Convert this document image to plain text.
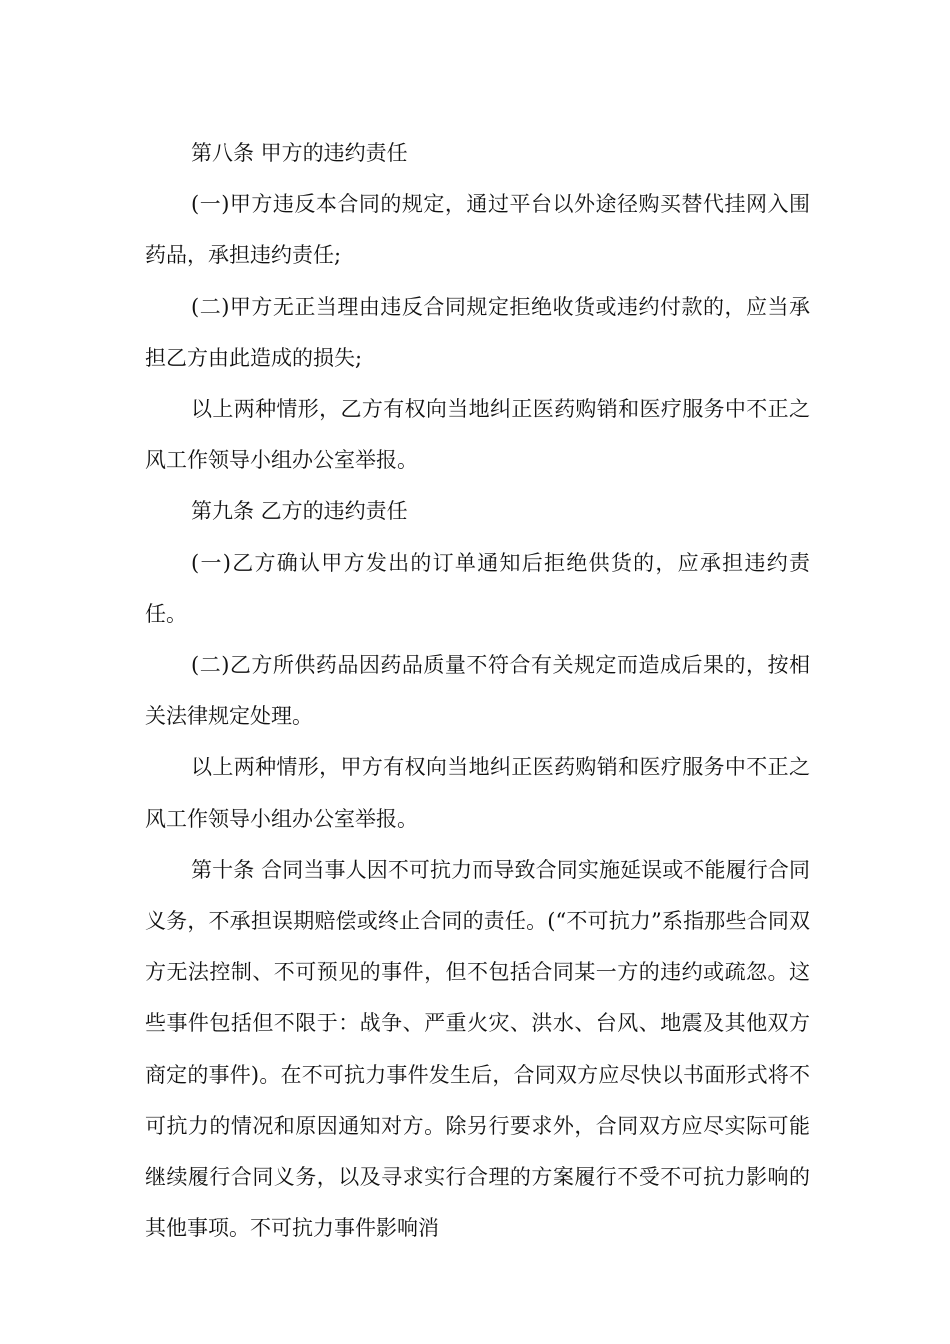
第八条 甲方的违约责任

(一)甲方违反本合同的规定，通过平台以外途径购买替代挂网入围药品，承担违约责任;

(二)甲方无正当理由违反合同规定拒绝收货或违约付款的，应当承担乙方由此造成的损失;

以上两种情形，乙方有权向当地纠正医药购销和医疗服务中不正之风工作领导小组办公室举报。

第九条 乙方的违约责任

(一)乙方确认甲方发出的订单通知后拒绝供货的，应承担违约责任。

(二)乙方所供药品因药品质量不符合有关规定而造成后果的，按相关法律规定处理。

以上两种情形，甲方有权向当地纠正医药购销和医疗服务中不正之风工作领导小组办公室举报。

第十条 合同当事人因不可抗力而导致合同实施延误或不能履行合同义务，不承担误期赔偿或终止合同的责任。(“不可抗力”系指那些合同双方无法控制、不可预见的事件，但不包括合同某一方的违约或疏忽。这些事件包括但不限于：战争、严重火灾、洪水、台风、地震及其他双方商定的事件)。在不可抗力事件发生后，合同双方应尽快以书面形式将不可抗力的情况和原因通知对方。除另行要求外，合同双方应尽实际可能继续履行合同义务，以及寻求实行合理的方案履行不受不可抗力影响的其他事项。不可抗力事件影响消
